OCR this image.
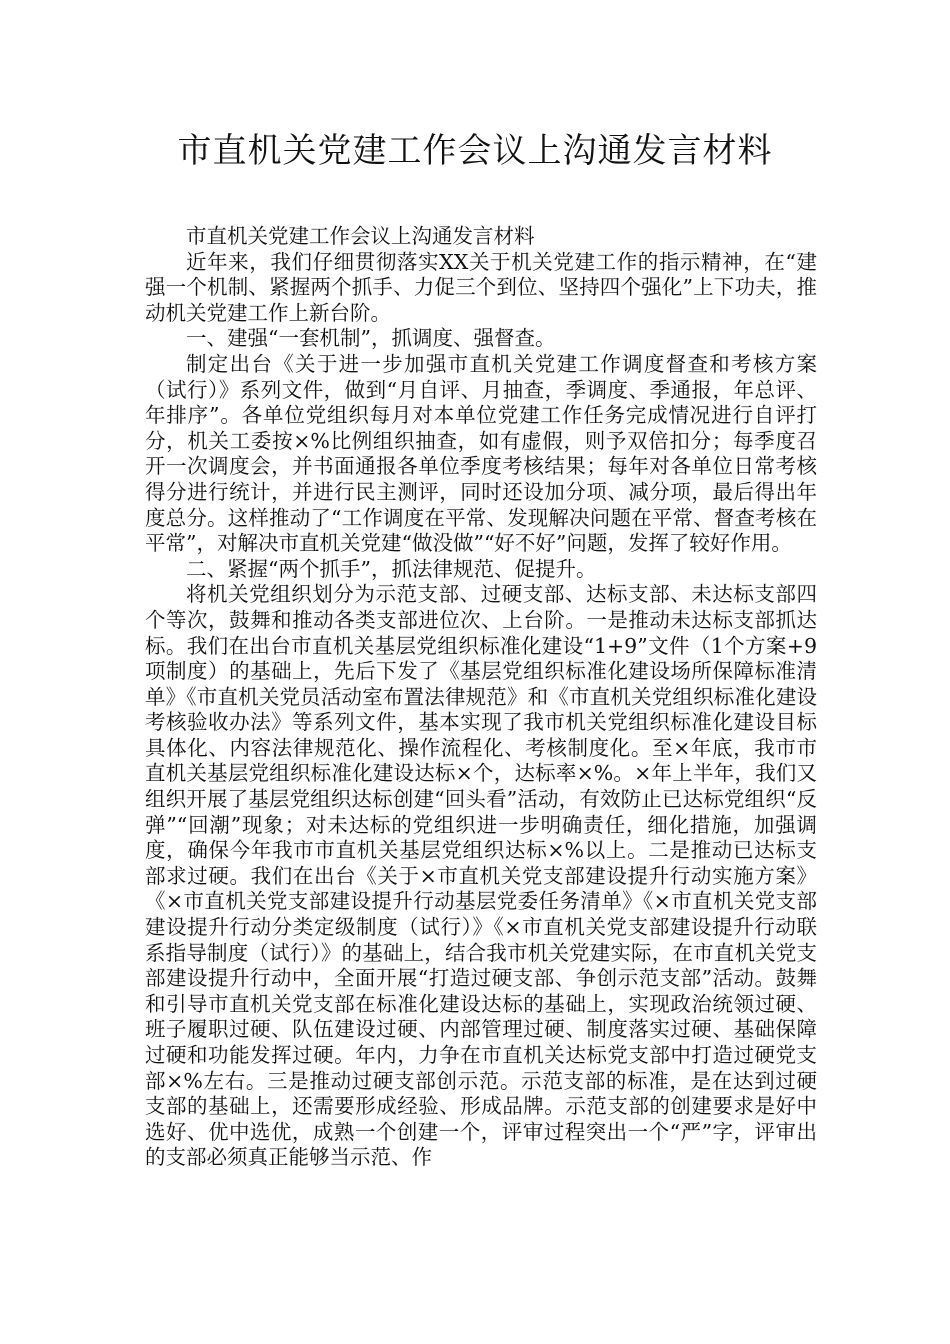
市直机关党建工作会议上沟通发言材料

市直机关党建工作会议上沟通发言材料

近年来，我们仔细贯彻落实XX关于机关党建工作的指示精神，在“建强一个机制、紧握两个抓手、力促三个到位、坚持四个强化”上下功夫，推动机关党建工作上新台阶。

一、建强“一套机制”，抓调度、强督查。

制定出台《关于进一步加强市直机关党建工作调度督查和考核方案（试行）》系列文件，做到“月自评、月抽查，季调度、季通报，年总评、年排序”。各单位党组织每月对本单位党建工作任务完成情况进行自评打分，机关工委按×%比例组织抽查，如有虚假，则予双倍扣分；每季度召开一次调度会，并书面通报各单位季度考核结果；每年对各单位日常考核得分进行统计，并进行民主测评，同时还设加分项、减分项，最后得出年度总分。这样推动了“工作调度在平常、发现解决问题在平常、督查考核在平常”，对解决市直机关党建“做没做”“好不好”问题，发挥了较好作用。

二、紧握“两个抓手”，抓法律规范、促提升。

将机关党组织划分为示范支部、过硬支部、达标支部、未达标支部四个等次，鼓舞和推动各类支部进位次、上台阶。一是推动未达标支部抓达标。我们在出台市直机关基层党组织标准化建设“1+9”文件（1个方案+9项制度）的基础上，先后下发了《基层党组织标准化建设场所保障标准清单》《市直机关党员活动室布置法律规范》和《市直机关党组织标准化建设考核验收办法》等系列文件，基本实现了我市机关党组织标准化建设目标具体化、内容法律规范化、操作流程化、考核制度化。至×年底，我市市直机关基层党组织标准化建设达标×个，达标率×%。×年上半年，我们又组织开展了基层党组织达标创建“回头看”活动，有效防止已达标党组织“反弹”“回潮”现象；对未达标的党组织进一步明确责任，细化措施，加强调度，确保今年我市市直机关基层党组织达标×%以上。二是推动已达标支部求过硬。我们在出台《关于×市直机关党支部建设提升行动实施方案》《×市直机关党支部建设提升行动基层党委任务清单》《×市直机关党支部建设提升行动分类定级制度（试行）》《×市直机关党支部建设提升行动联系指导制度（试行）》的基础上，结合我市机关党建实际，在市直机关党支部建设提升行动中，全面开展“打造过硬支部、争创示范支部”活动。鼓舞和引导市直机关党支部在标准化建设达标的基础上，实现政治统领过硬、班子履职过硬、队伍建设过硬、内部管理过硬、制度落实过硬、基础保障过硬和功能发挥过硬。年内，力争在市直机关达标党支部中打造过硬党支部×%左右。三是推动过硬支部创示范。示范支部的标准，是在达到过硬支部的基础上，还需要形成经验、形成品牌。示范支部的创建要求是好中选好、优中选优，成熟一个创建一个，评审过程突出一个“严”字，评审出的支部必须真正能够当示范、作
